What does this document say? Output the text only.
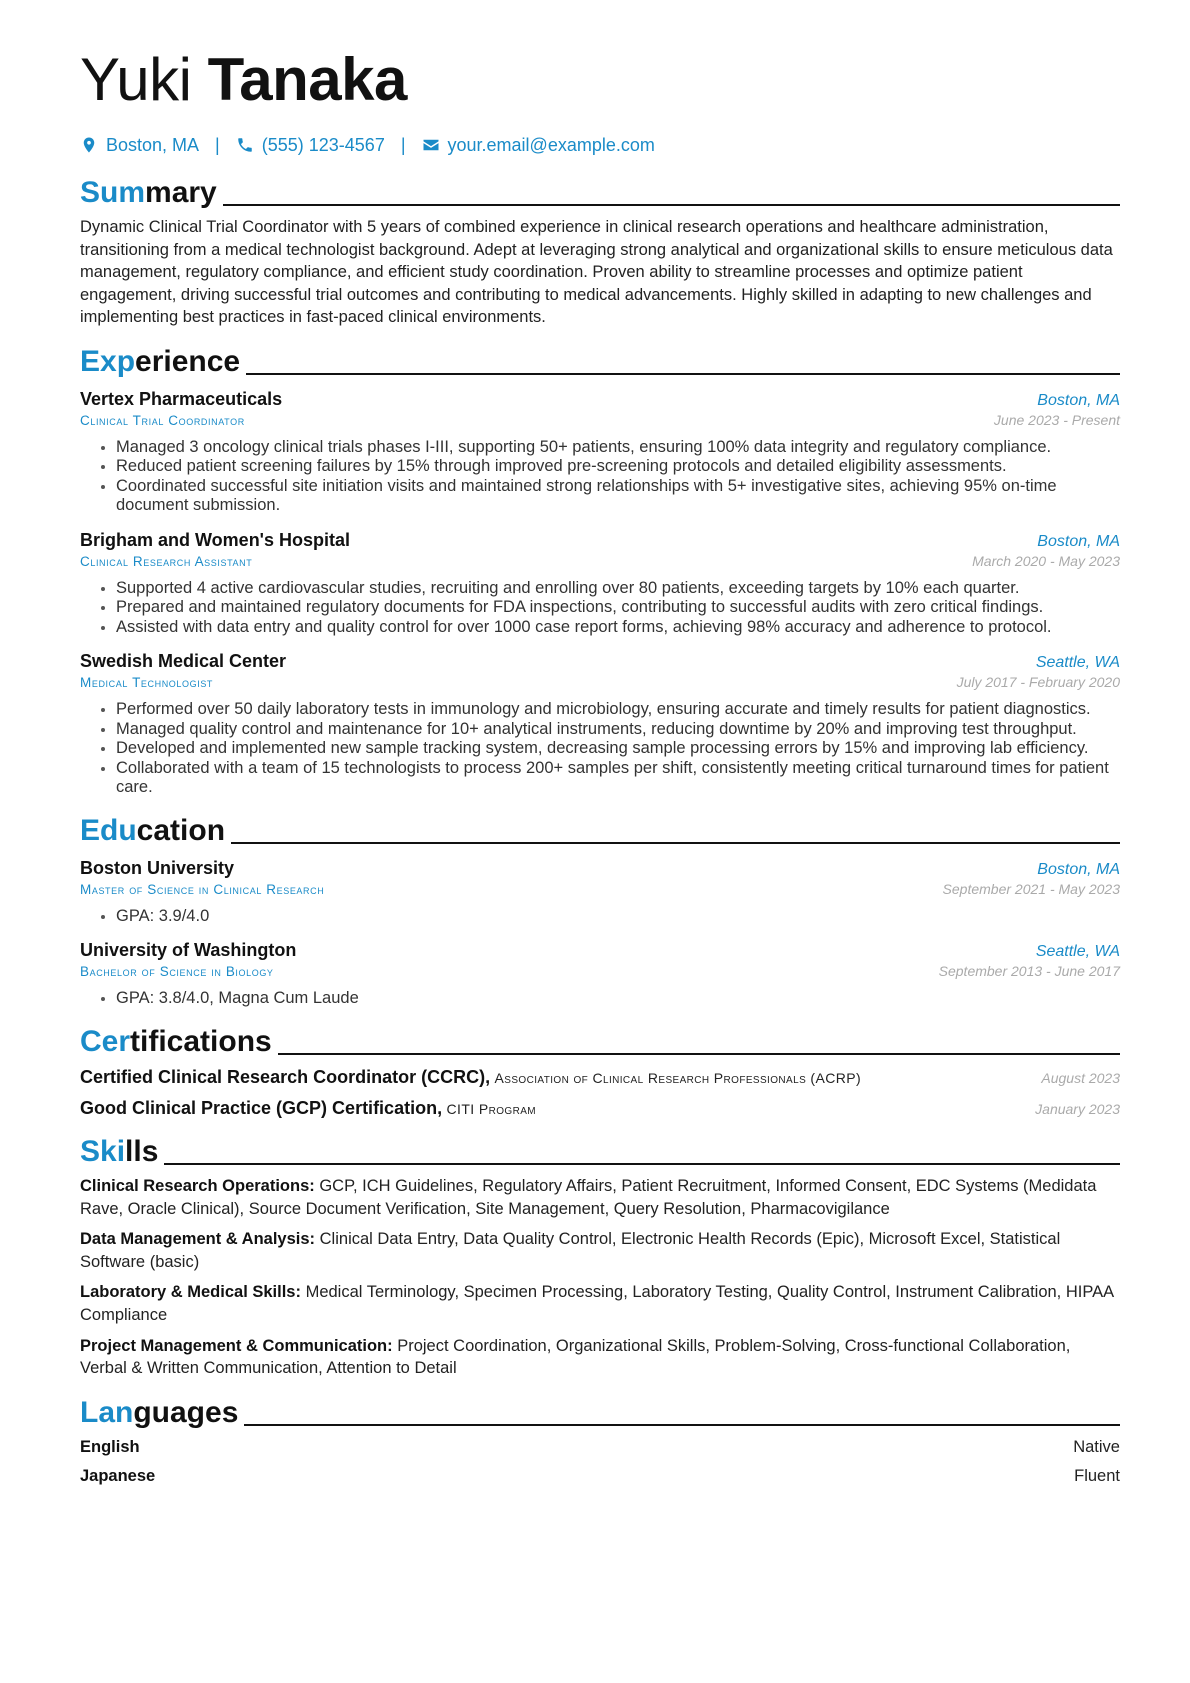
Yuki Tanaka
Boston, MA | (555) 123-4567 | your.email@example.com
Summary

Dynamic Clinical Trial Coordinator with 5 years of combined experience in clinical research operations and healthcare administration, transitioning from a medical technologist background. Adept at leveraging strong analytical and organizational skills to ensure meticulous data management, regulatory compliance, and efficient study coordination. Proven ability to streamline processes and optimize patient engagement, driving successful trial outcomes and contributing to medical advancements. Highly skilled in adapting to new challenges and implementing best practices in fast-paced clinical environments.

Experience
Vertex Pharmaceuticals	Boston, MA
Clinical Trial Coordinator	June 2023 - Present
• Managed 3 oncology clinical trials phases I-III, supporting 50+ patients, ensuring 100% data integrity and regulatory compliance.
• Reduced patient screening failures by 15% through improved pre-screening protocols and detailed eligibility assessments.
• Coordinated successful site initiation visits and maintained strong relationships with 5+ investigative sites, achieving 95% on-time document submission.
Brigham and Women's Hospital	Boston, MA
Clinical Research Assistant	March 2020 - May 2023
• Supported 4 active cardiovascular studies, recruiting and enrolling over 80 patients, exceeding targets by 10% each quarter.
• Prepared and maintained regulatory documents for FDA inspections, contributing to successful audits with zero critical findings.
• Assisted with data entry and quality control for over 1000 case report forms, achieving 98% accuracy and adherence to protocol.
Swedish Medical Center	Seattle, WA
Medical Technologist	July 2017 - February 2020
• Performed over 50 daily laboratory tests in immunology and microbiology, ensuring accurate and timely results for patient diagnostics.
• Managed quality control and maintenance for 10+ analytical instruments, reducing downtime by 20% and improving test throughput.
• Developed and implemented new sample tracking system, decreasing sample processing errors by 15% and improving lab efficiency.
• Collaborated with a team of 15 technologists to process 200+ samples per shift, consistently meeting critical turnaround times for patient care.
Education
Boston University	Boston, MA
Master of Science in Clinical Research	September 2021 - May 2023
• GPA: 3.9/4.0
University of Washington	Seattle, WA
Bachelor of Science in Biology	September 2013 - June 2017
• GPA: 3.8/4.0, Magna Cum Laude
Certifications
Certified Clinical Research Coordinator (CCRC), Association of Clinical Research Professionals (ACRP)	August 2023
Good Clinical Practice (GCP) Certification, CITI Program	January 2023
Skills
Clinical Research Operations: GCP, ICH Guidelines, Regulatory Affairs, Patient Recruitment, Informed Consent, EDC Systems (Medidata Rave, Oracle Clinical), Source Document Verification, Site Management, Query Resolution, Pharmacovigilance
Data Management & Analysis: Clinical Data Entry, Data Quality Control, Electronic Health Records (Epic), Microsoft Excel, Statistical Software (basic)
Laboratory & Medical Skills: Medical Terminology, Specimen Processing, Laboratory Testing, Quality Control, Instrument Calibration, HIPAA Compliance
Project Management & Communication: Project Coordination, Organizational Skills, Problem-Solving, Cross-functional Collaboration, Verbal & Written Communication, Attention to Detail
Languages
English	Native
Japanese	Fluent
